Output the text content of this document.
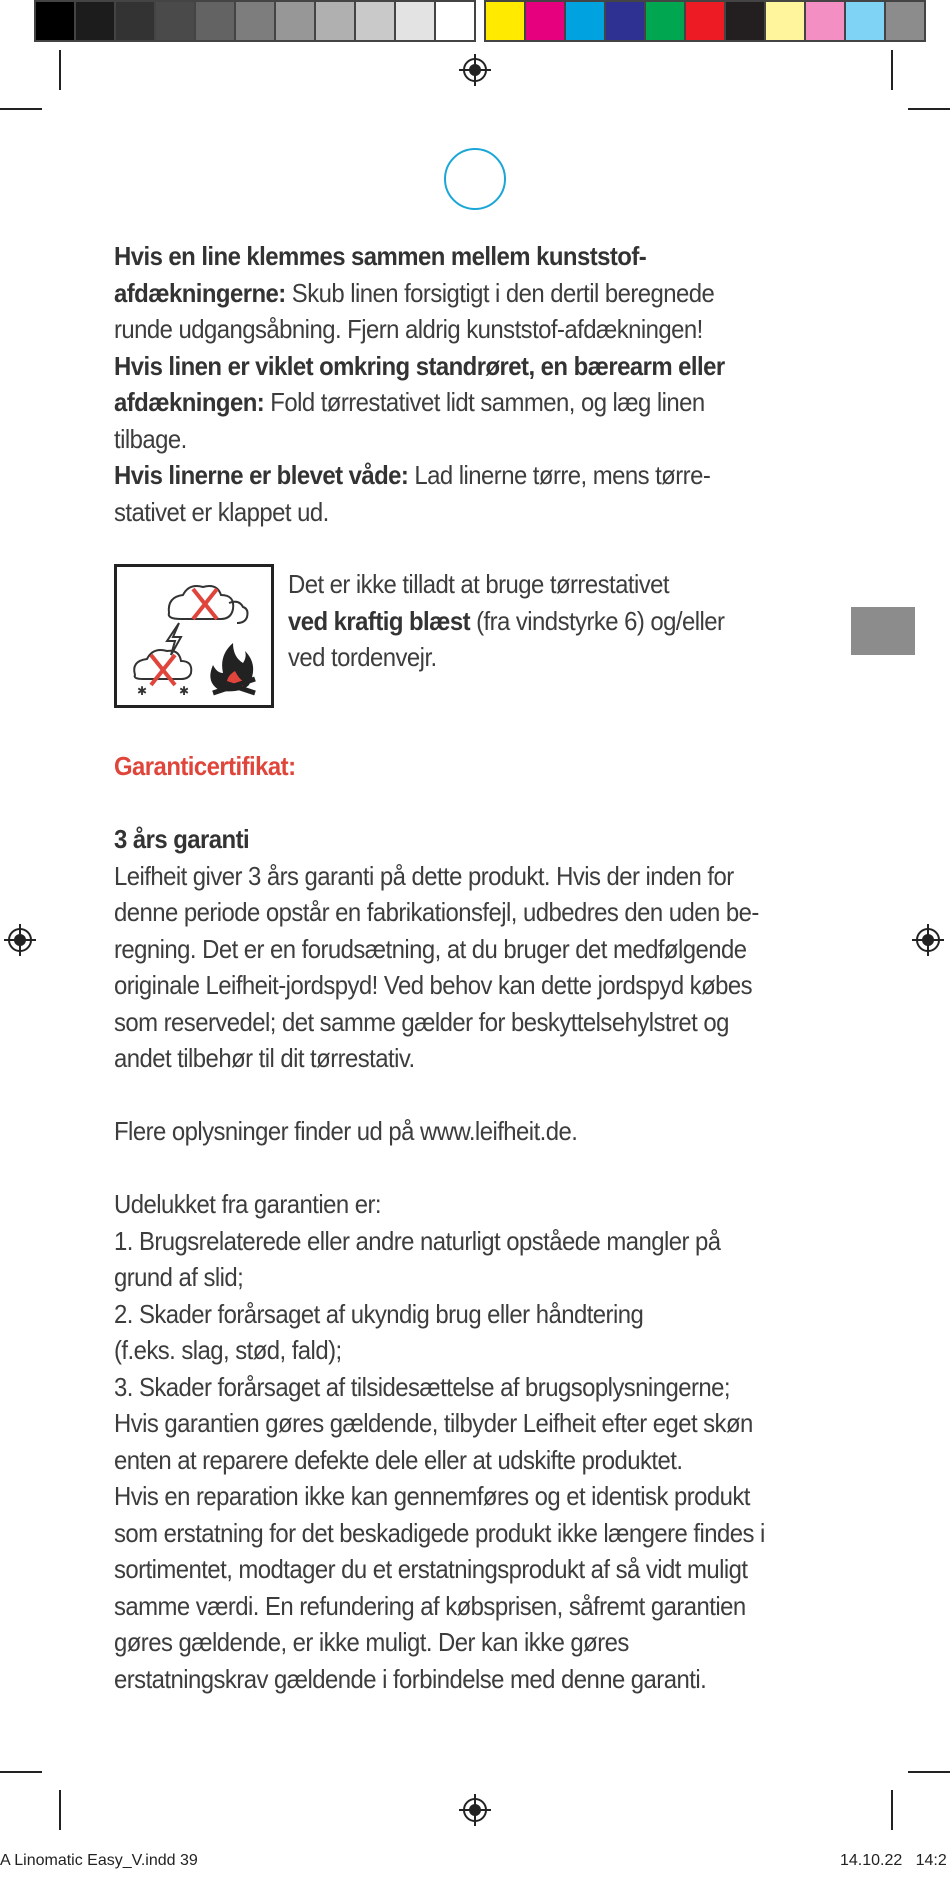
Hvis en line klemmes sammen mellem kunststof-afdækningerne: Skub linen forsigtigt i den dertil beregnede runde udgangsåbning. Fjern aldrig kunststof-afdækningen!

Hvis linen er viklet omkring standrøret, en bærearm eller afdækningen: Fold tørrestativet lidt sammen, og læg linen tilbage.

Hvis linerne er blevet våde: Lad linerne tørre, mens tørre-stativet er klappet ud.

✱	✱

Det er ikke tilladt at bruge tørrestativet
ved kraftig blæst (fra vindstyrke 6) og/eller
ved tordenvejr.

Garanticertifikat:

3 års garanti

Leifheit giver 3 års garanti på dette produkt. Hvis der inden for denne periode opstår en fabrikationsfejl, udbedres den uden be-regning. Det er en forudsætning, at du bruger det medfølgende originale Leifheit-jordspyd! Ved behov kan dette jordspyd købes som reservedel; det samme gælder for beskyttelsehylstret og andet tilbehør til dit tørrestativ.

Flere oplysninger finder ud på www.leifheit.de.

Udelukket fra garantien er:

1. Brugsrelaterede eller andre naturligt opståede mangler på grund af slid;

2. Skader forårsaget af ukyndig brug eller håndtering

(f.eks. slag, stød, fald);

3. Skader forårsaget af tilsidesættelse af brugsoplysningerne;

Hvis garantien gøres gældende, tilbyder Leifheit efter eget skøn enten at reparere defekte dele eller at udskifte produktet.

Hvis en reparation ikke kan gennemføres og et identisk produkt som erstatning for det beskadigede produkt ikke længere findes i sortimentet, modtager du et erstatningsprodukt af så vidt muligt samme værdi. En refundering af købsprisen, såfremt garantien gøres gældende, er ikke muligt. Der kan ikke gøres erstatningskrav gældende i forbindelse med denne garanti.

A Linomatic Easy_V.indd 39	14.10.22   14:2
